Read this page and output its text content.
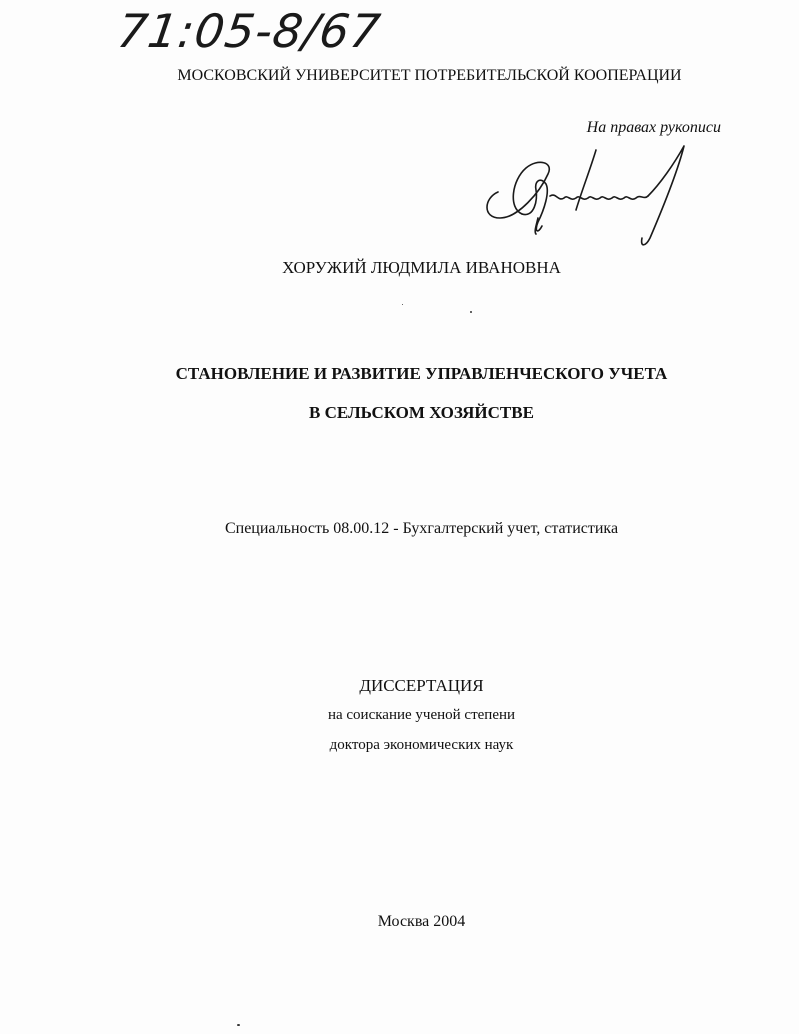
71:05-8/67
МОСКОВСКИЙ УНИВЕРСИТЕТ ПОТРЕБИТЕЛЬСКОЙ КООПЕРАЦИИ
На правах рукописи
ХОРУЖИЙ ЛЮДМИЛА ИВАНОВНА
СТАНОВЛЕНИЕ И РАЗВИТИЕ УПРАВЛЕНЧЕСКОГО УЧЕТА
В СЕЛЬСКОМ ХОЗЯЙСТВЕ
Специальность 08.00.12 - Бухгалтерский учет, статистика
ДИССЕРТАЦИЯ
на соискание ученой степени
доктора экономических наук
Москва 2004
